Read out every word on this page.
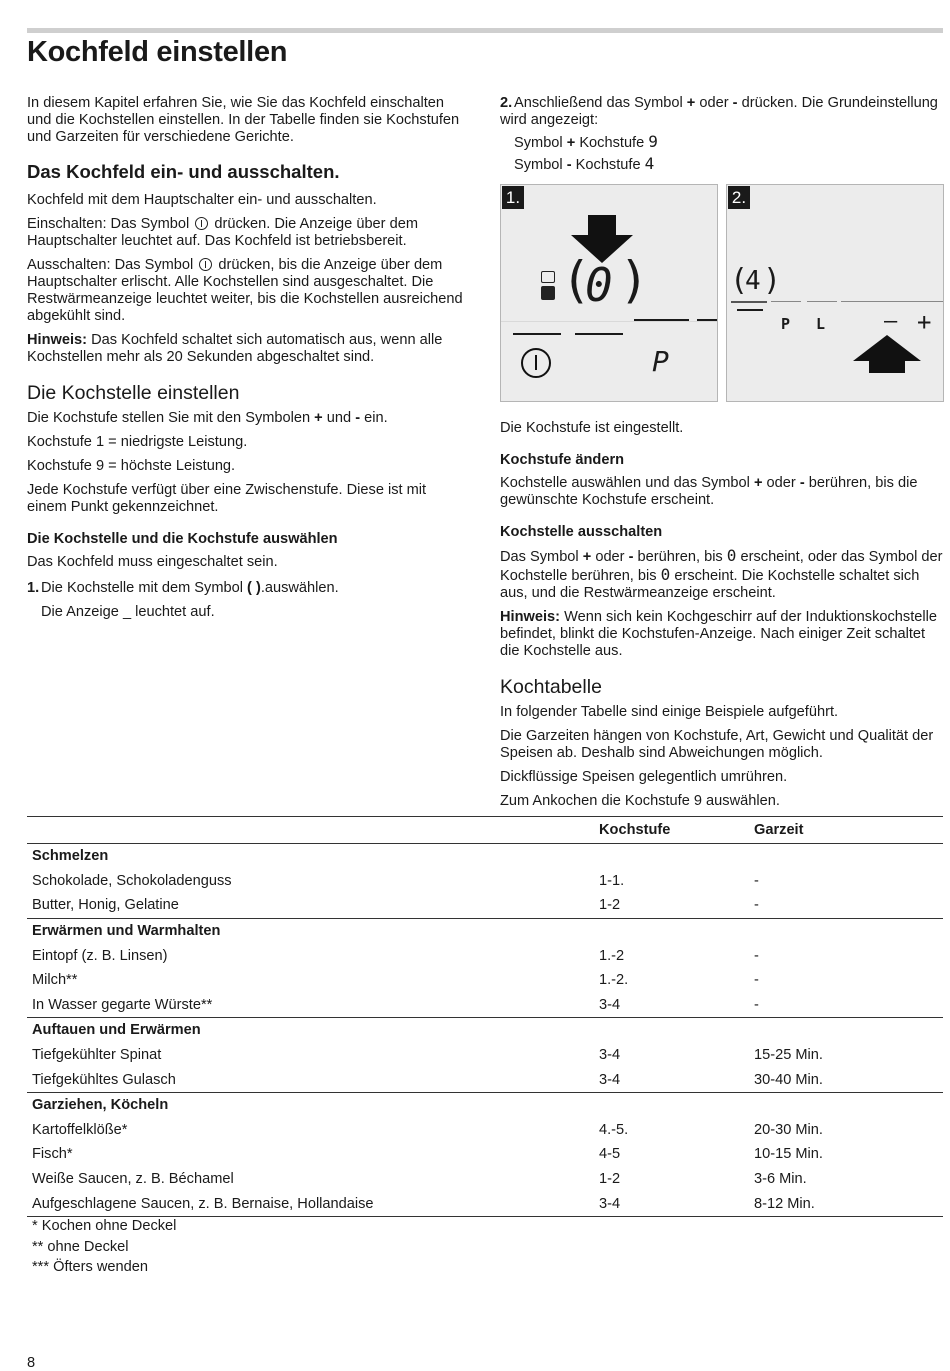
Kochfeld einstellen

In diesem Kapitel erfahren Sie, wie Sie das Kochfeld einschalten und die Kochstellen einstellen. In der Tabelle finden sie Kochstufen und Garzeiten für verschiedene Gerichte.

Das Kochfeld ein- und ausschalten.

Kochfeld mit dem Hauptschalter ein- und ausschalten.

Einschalten: Das Symbol drücken. Die Anzeige über dem Hauptschalter leuchtet auf. Das Kochfeld ist betriebsbereit.

Ausschalten: Das Symbol drücken, bis die Anzeige über dem Hauptschalter erlischt. Alle Kochstellen sind ausgeschaltet. Die Restwärmeanzeige leuchtet weiter, bis die Kochstellen ausreichend abgekühlt sind.

Hinweis: Das Kochfeld schaltet sich automatisch aus, wenn alle Kochstellen mehr als 20 Sekunden abgeschaltet sind.

Die Kochstelle einstellen

Die Kochstufe stellen Sie mit den Symbolen + und - ein.

Kochstufe 1 = niedrigste Leistung.

Kochstufe 9 = höchste Leistung.

Jede Kochstufe verfügt über eine Zwischenstufe. Diese ist mit einem Punkt gekennzeichnet.

Die Kochstelle und die Kochstufe auswählen

Das Kochfeld muss eingeschaltet sein.

1. Die Kochstelle mit dem Symbol ( ).auswählen.

Die Anzeige _ leuchtet auf.

2. Anschließend das Symbol + oder - drücken. Die Grundeinstellung wird angezeigt:

Symbol + Kochstufe 9

Symbol - Kochstufe 4

1.
(
0 )
P
2.
(
4 )
P L	– +

Die Kochstufe ist eingestellt.

Kochstufe ändern

Kochstelle auswählen und das Symbol + oder - berühren, bis die gewünschte Kochstufe erscheint.

Kochstelle ausschalten

Das Symbol + oder - berühren, bis 0 erscheint, oder das Symbol der Kochstelle berühren, bis 0 erscheint. Die Kochstelle schaltet sich aus, und die Restwärmeanzeige erscheint.

Hinweis: Wenn sich kein Kochgeschirr auf der Induktionskochstelle befindet, blinkt die Kochstufen-Anzeige. Nach einiger Zeit schaltet die Kochstelle aus.

Kochtabelle

In folgender Tabelle sind einige Beispiele aufgeführt.

Die Garzeiten hängen von Kochstufe, Art, Gewicht und Qualität der Speisen ab. Deshalb sind Abweichungen möglich.

Dickflüssige Speisen gelegentlich umrühren.

Zum Ankochen die Kochstufe 9 auswählen.

	Kochstufe	Garzeit
Schmelzen		
Schokolade, Schokoladenguss	1-1.	-
Butter, Honig, Gelatine	1-2	-
Erwärmen und Warmhalten		
Eintopf (z. B. Linsen)	1.-2	-
Milch**	1.-2.	-
In Wasser gegarte Würste**	3-4	-
Auftauen und Erwärmen		
Tiefgekühlter Spinat	3-4	15-25 Min.
Tiefgekühltes Gulasch	3-4	30-40 Min.
Garziehen, Köcheln		
Kartoffelklöße*	4.-5.	20-30 Min.
Fisch*	4-5	10-15 Min.
Weiße Saucen, z. B. Béchamel	1-2	3-6 Min.
Aufgeschlagene Saucen, z. B. Bernaise, Hollandaise	3-4	8-12 Min.
* Kochen ohne Deckel
** ohne Deckel
*** Öfters wenden
8
